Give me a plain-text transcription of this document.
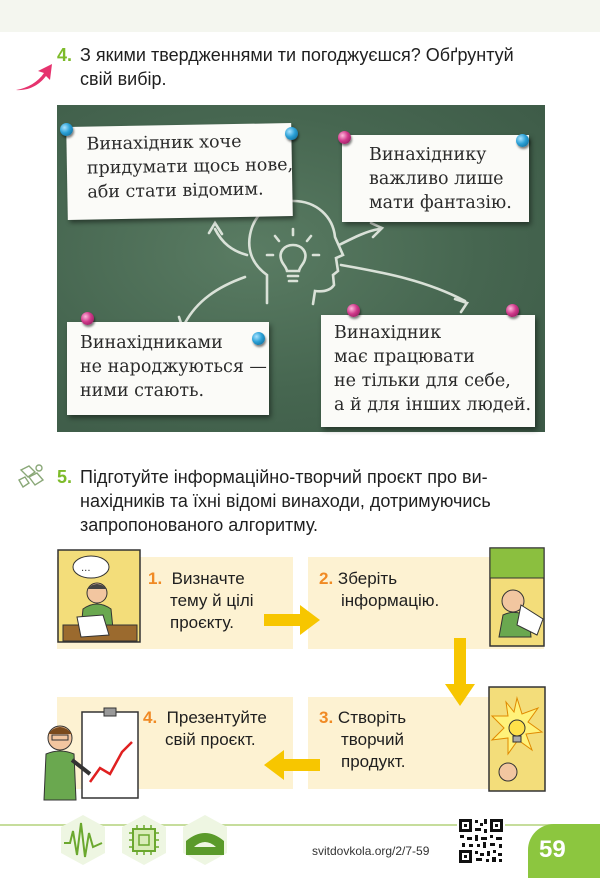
4. З якими твердженнями ти погоджуєшся? Обґрунтуй
свій вибір.
Винахідник хоче
придумати щось нове,
аби стати відомим.
Винахіднику
важливо лише
мати фантазію.
Винахідниками
не народжуються —
ними стають.
Винахідник
має працювати
не тільки для себе,
а й для інших людей.
5. Підготуйте інформаційно-творчий проєкт про ви-
нахідників та їхні відомі винаходи, дотримуючись
запропонованого алгоритму.
1. Визначте
тему й цілі
проєкту.
2. Зберіть
інформацію.
3. Створіть
творчий
продукт.
4. Презентуйте
свій проєкт.
...
svitdovkola.org/2/7-59	59
